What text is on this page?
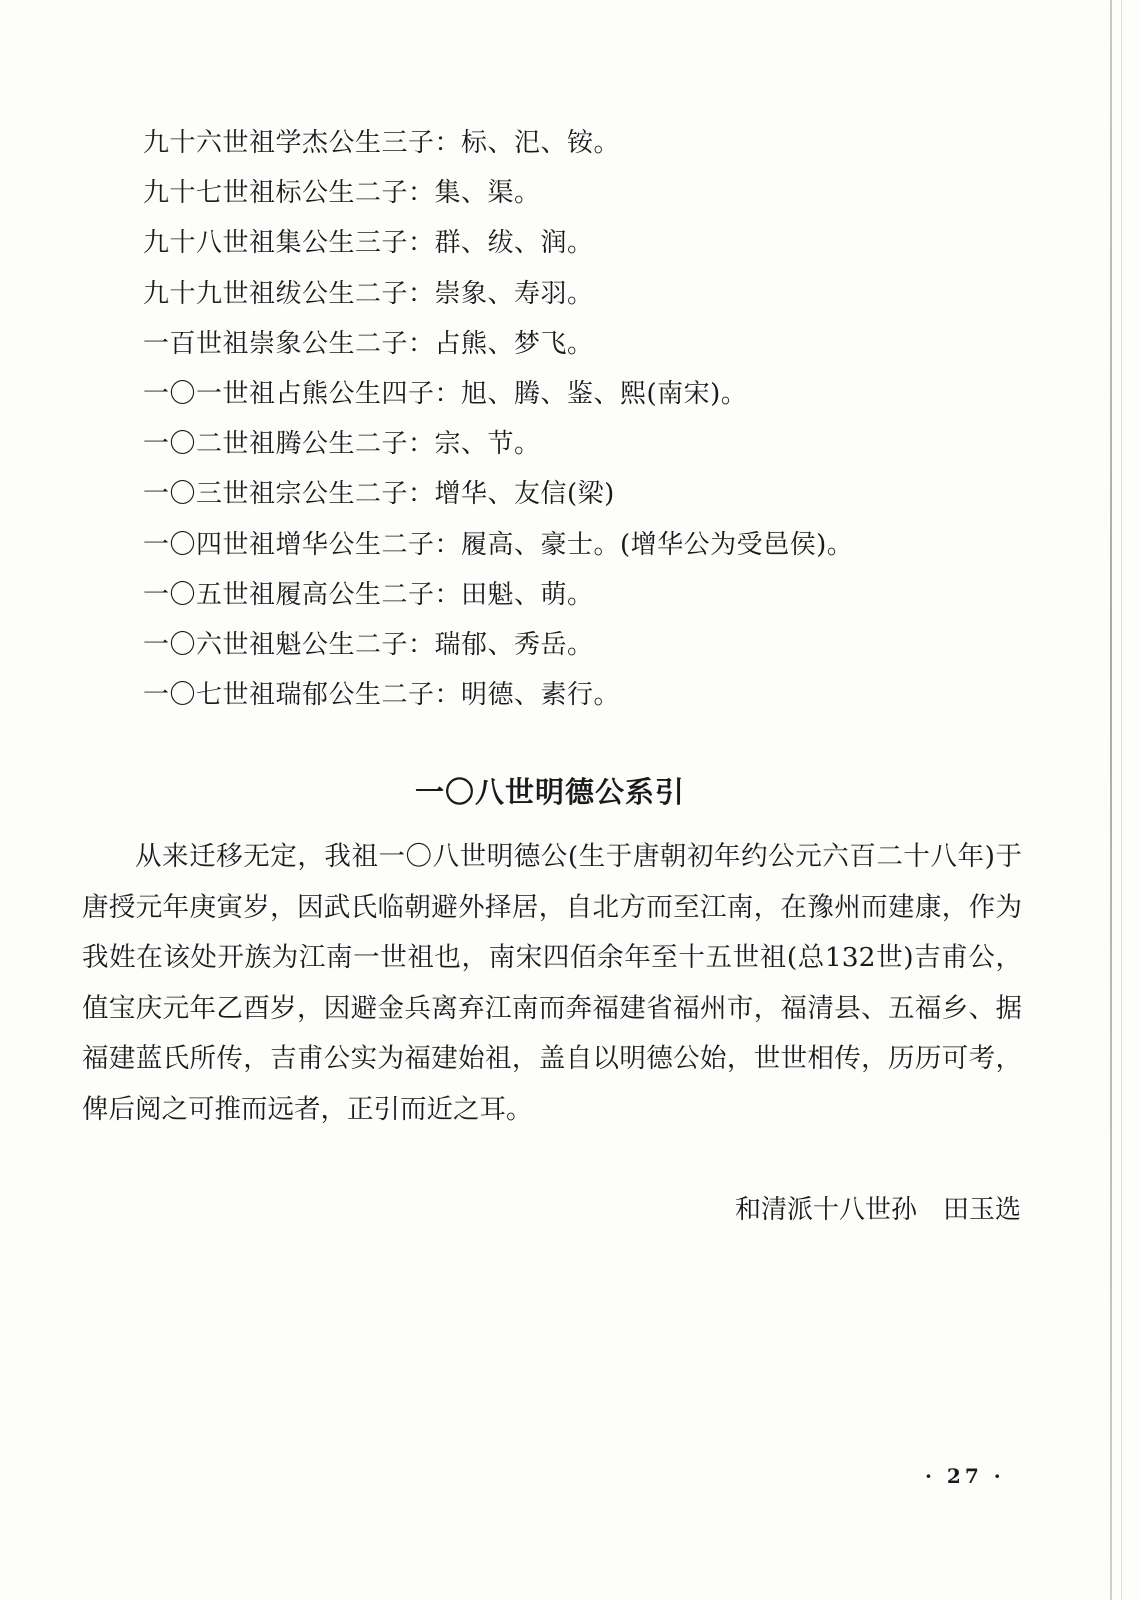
九十六世祖学杰公生三子：标、汜、铵。
九十七世祖标公生二子：集、渠。
九十八世祖集公生三子：群、绂、润。
九十九世祖绂公生二子：崇象、寿羽。
一百世祖崇象公生二子：占熊、梦飞。
一〇一世祖占熊公生四子：旭、腾、鉴、熙(南宋)。
一〇二世祖腾公生二子：宗、节。
一〇三世祖宗公生二子：增华、友信(梁)
一〇四世祖增华公生二子：履高、豪士。(增华公为受邑侯)。
一〇五世祖履高公生二子：田魁、萌。
一〇六世祖魁公生二子：瑞郁、秀岳。
一〇七世祖瑞郁公生二子：明德、素行。
一〇八世明德公系引

从来迁移无定，我祖一〇八世明德公(生于唐朝初年约公元六百二十八年)于唐授元年庚寅岁，因武氏临朝避外择居，自北方而至江南，在豫州而建康，作为我姓在该处开族为江南一世祖也，南宋四佰余年至十五世祖(总132世)吉甫公，值宝庆元年乙酉岁，因避金兵离弃江南而奔福建省福州市，福清县、五福乡、据福建蓝氏所传，吉甫公实为福建始祖，盖自以明德公始，世世相传，历历可考，俾后阅之可推而远者，正引而近之耳。

和清派十八世孙　田玉选
· 27 ·
